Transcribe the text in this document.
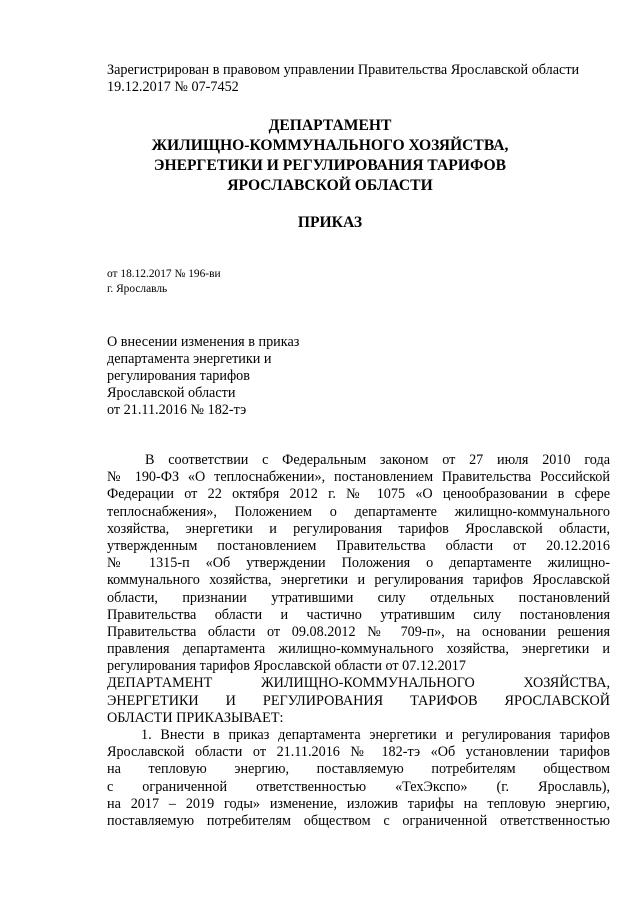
Зарегистрирован в правовом управлении Правительства Ярославской области
19.12.2017 № 07-7452
ДЕПАРТАМЕНТ
ЖИЛИЩНО-КОММУНАЛЬНОГО ХОЗЯЙСТВА,
ЭНЕРГЕТИКИ И РЕГУЛИРОВАНИЯ ТАРИФОВ
ЯРОСЛАВСКОЙ ОБЛАСТИ
ПРИКАЗ
от 18.12.2017 № 196-ви
г. Ярославль
О внесении изменения в приказ
департамента энергетики и
регулирования тарифов
Ярославской области
от 21.11.2016 № 182-тэ
В соответствии с Федеральным законом от 27 июля 2010 года
№ 190-ФЗ «О теплоснабжении», постановлением Правительства Российской
Федерации от 22 октября 2012 г. № 1075 «О ценообразовании в сфере
теплоснабжения», Положением о департаменте жилищно-коммунального
хозяйства, энергетики и регулирования тарифов Ярославской области,
утвержденным постановлением Правительства области от 20.12.2016
№ 1315-п «Об утверждении Положения о департаменте жилищно-
коммунального хозяйства, энергетики и регулирования тарифов Ярославской
области, признании утратившими силу отдельных постановлений
Правительства области и частично утратившим силу постановления
Правительства области от 09.08.2012 № 709-п», на основании решения
правления департамента жилищно-коммунального хозяйства, энергетики и
регулирования тарифов Ярославской области от 07.12.2017
ДЕПАРТАМЕНТ ЖИЛИЩНО-КОММУНАЛЬНОГО ХОЗЯЙСТВА,
ЭНЕРГЕТИКИ И РЕГУЛИРОВАНИЯ ТАРИФОВ ЯРОСЛАВСКОЙ
ОБЛАСТИ ПРИКАЗЫВАЕТ:
1. Внести в приказ департамента энергетики и регулирования тарифов
Ярославской области от 21.11.2016 № 182-тэ «Об установлении тарифов
на тепловую энергию, поставляемую потребителям обществом
с ограниченной ответственностью «ТехЭкспо» (г. Ярославль),
на 2017 – 2019 годы» изменение, изложив тарифы на тепловую энергию,
поставляемую потребителям обществом с ограниченной ответственностью
